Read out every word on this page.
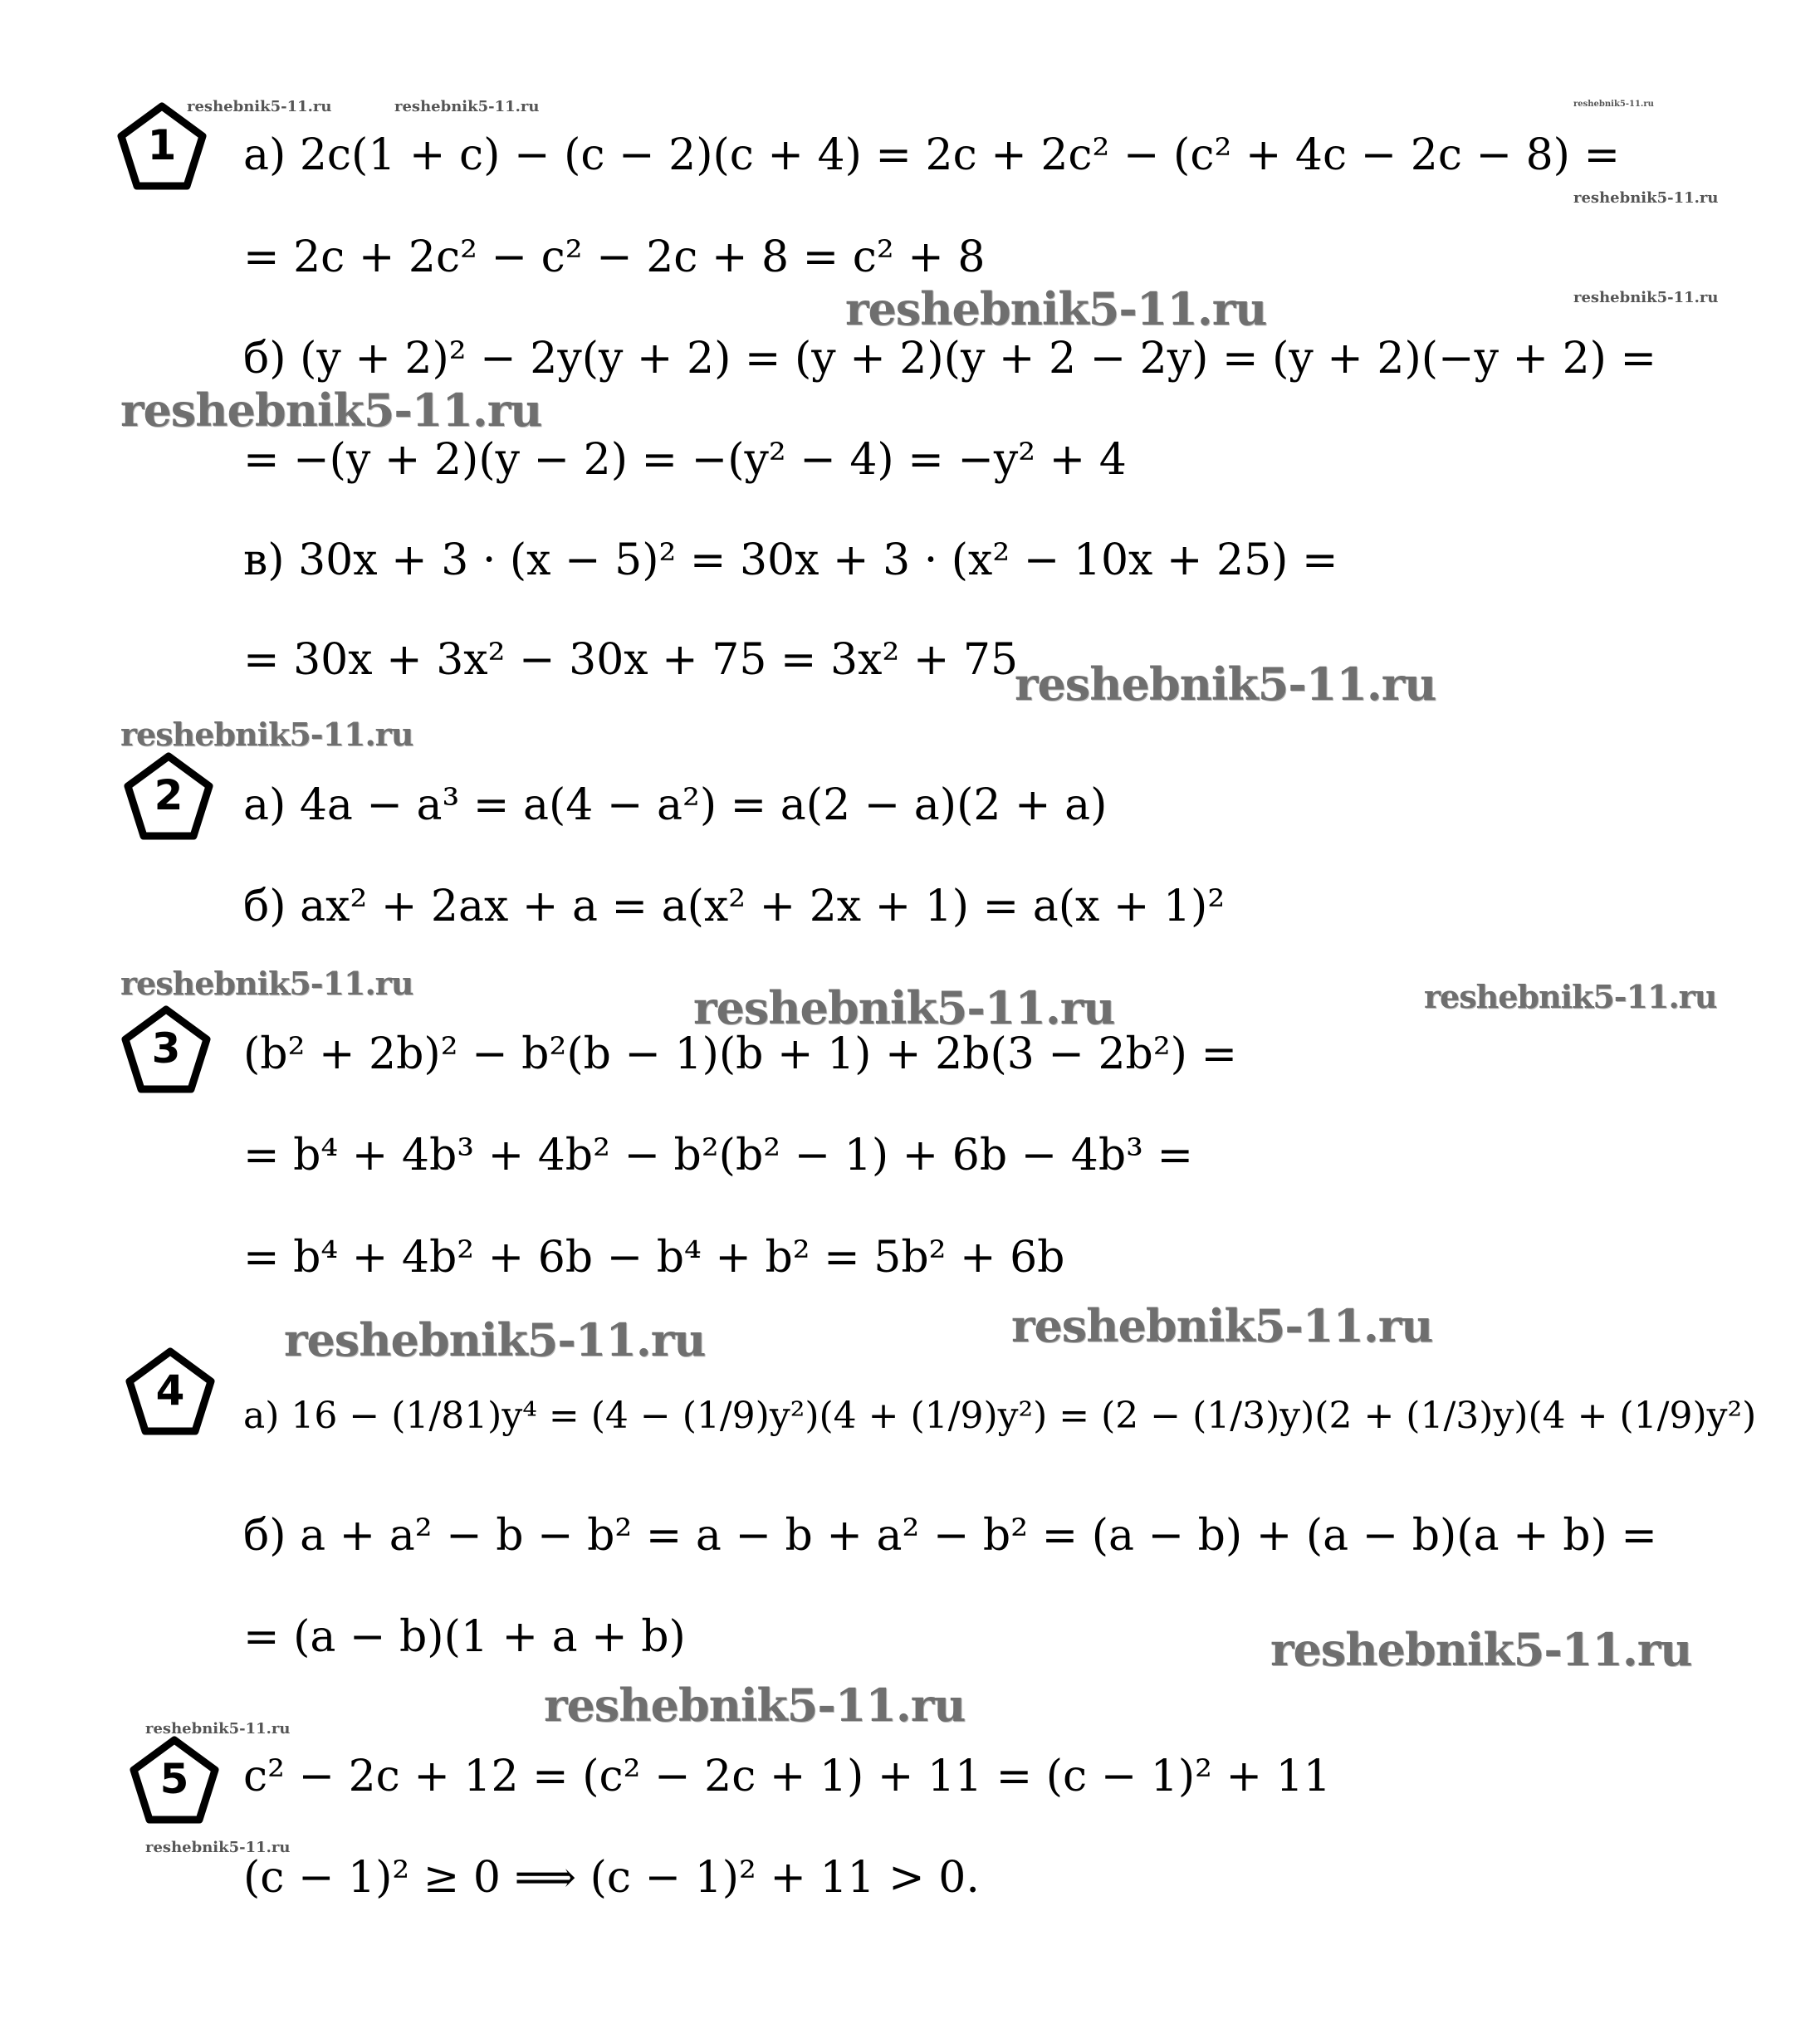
reshebnik5-11.ru	reshebnik5-11.ru	reshebnik5-11.ru
reshebnik5-11.ru
reshebnik5-11.ru
reshebnik5-11.ru
reshebnik5-11.ru
reshebnik5-11.ru
reshebnik5-11.ru
reshebnik5-11.ru	reshebnik5-11.ru	reshebnik5-11.ru
reshebnik5-11.ru	reshebnik5-11.ru
reshebnik5-11.ru
reshebnik5-11.ru
reshebnik5-11.ru
reshebnik5-11.ru
1	а) 2c(1 + c) − (c − 2)(c + 4) = 2c + 2c² − (c² + 4c − 2c − 8) =
= 2c + 2c² − c² − 2c + 8 = c² + 8
б) (y + 2)² − 2y(y + 2) = (y + 2)(y + 2 − 2y) = (y + 2)(−y + 2) =
= −(y + 2)(y − 2) = −(y² − 4) = −y² + 4
в) 30x + 3 · (x − 5)² = 30x + 3 · (x² − 10x + 25) =
= 30x + 3x² − 30x + 75 = 3x² + 75
2	а) 4a − a³ = a(4 − a²) = a(2 − a)(2 + a)
б) ax² + 2ax + a = a(x² + 2x + 1) = a(x + 1)²
3	(b² + 2b)² − b²(b − 1)(b + 1) + 2b(3 − 2b²) =
= b⁴ + 4b³ + 4b² − b²(b² − 1) + 6b − 4b³ =
= b⁴ + 4b² + 6b − b⁴ + b² = 5b² + 6b
4
а) 16 − (1/81)y⁴ = (4 − (1/9)y²)(4 + (1/9)y²) = (2 − (1/3)y)(2 + (1/3)y)(4 + (1/9)y²)
б) a + a² − b − b² = a − b + a² − b² = (a − b) + (a − b)(a + b) =
= (a − b)(1 + a + b)
5	c² − 2c + 12 = (c² − 2c + 1) + 11 = (c − 1)² + 11
(c − 1)² ≥ 0 ⟹ (c − 1)² + 11 > 0.
